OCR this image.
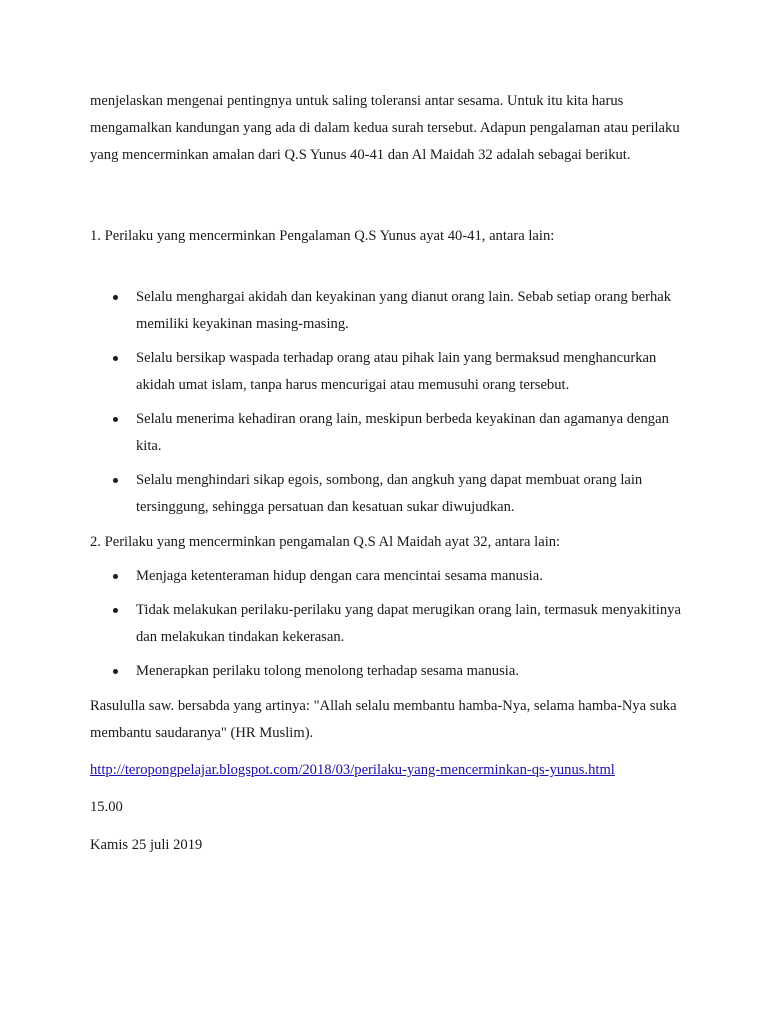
menjelaskan mengenai pentingnya untuk saling toleransi antar sesama. Untuk itu kita harus mengamalkan kandungan yang ada di dalam kedua surah tersebut. Adapun pengalaman atau perilaku yang mencerminkan amalan dari Q.S Yunus 40-41 dan Al Maidah 32 adalah sebagai berikut.

1. Perilaku yang mencerminkan Pengalaman Q.S Yunus ayat 40-41, antara lain:

Selalu menghargai akidah dan keyakinan yang dianut orang lain. Sebab setiap orang berhak memiliki keyakinan masing-masing.
Selalu bersikap waspada terhadap orang atau pihak lain yang bermaksud menghancurkan akidah umat islam, tanpa harus mencurigai atau memusuhi orang tersebut.
Selalu menerima kehadiran orang lain, meskipun berbeda keyakinan dan agamanya dengan kita.
Selalu menghindari sikap egois, sombong, dan angkuh yang dapat membuat orang lain tersinggung, sehingga persatuan dan kesatuan sukar diwujudkan.

2. Perilaku yang mencerminkan pengamalan Q.S Al Maidah ayat 32, antara lain:

Menjaga ketenteraman hidup dengan cara mencintai sesama manusia.
Tidak melakukan perilaku-perilaku yang dapat merugikan orang lain, termasuk menyakitinya dan melakukan tindakan kekerasan.
Menerapkan perilaku tolong menolong terhadap sesama manusia.

Rasululla saw. bersabda yang artinya: "Allah selalu membantu hamba-Nya, selama hamba-Nya suka membantu saudaranya" (HR Muslim).

http://teropongpelajar.blogspot.com/2018/03/perilaku-yang-mencerminkan-qs-yunus.html

15.00

Kamis 25 juli 2019
